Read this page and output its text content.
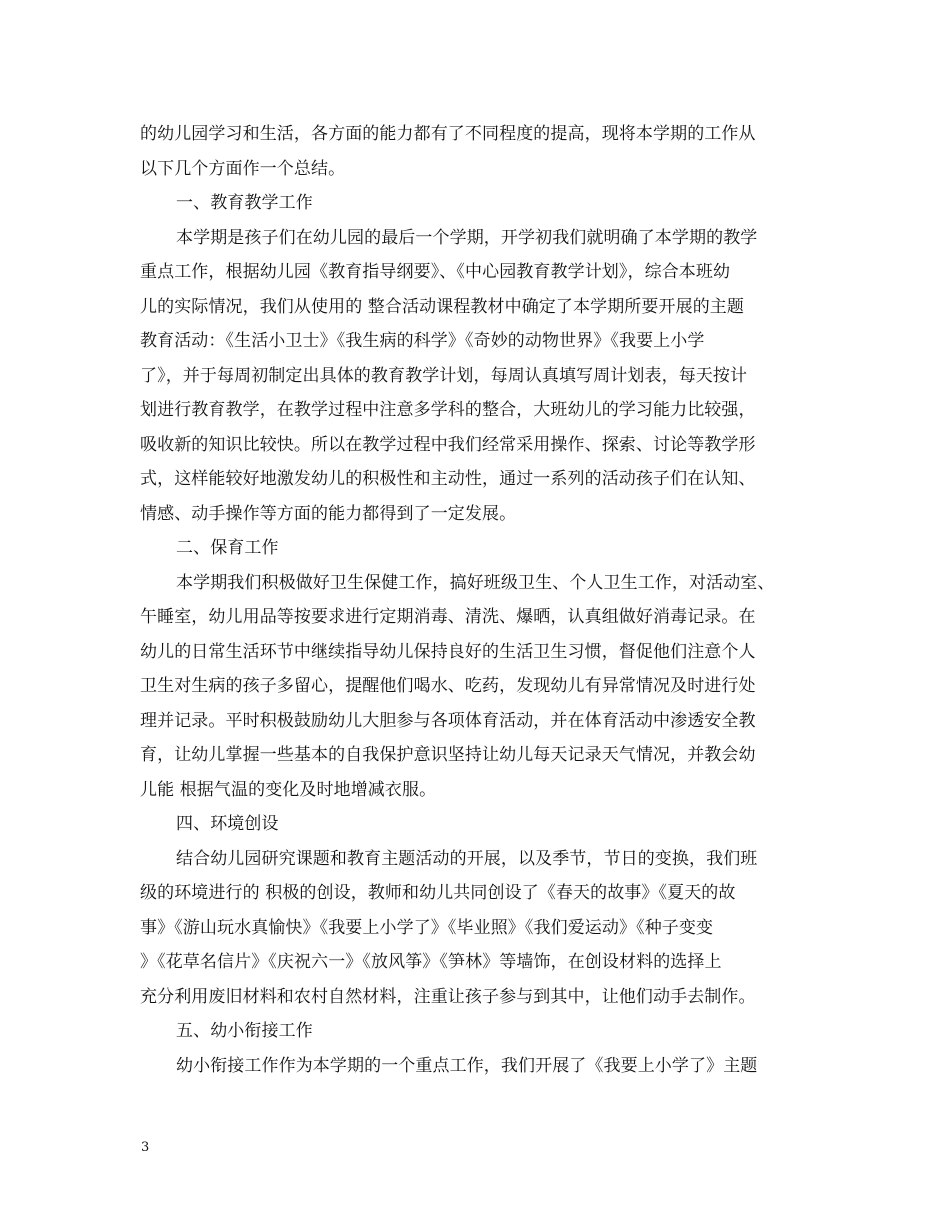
的幼儿园学习和生活，各方面的能力都有了不同程度的提高，现将本学期的工作从
以下几个方面作一个总结。
一、教育教学工作
本学期是孩子们在幼儿园的最后一个学期，开学初我们就明确了本学期的教学
重点工作，根据幼儿园《教育指导纲要》、《中心园教育教学计划》，综合本班幼
儿的实际情况，我们从使用的 整合活动课程教材中确定了本学期所要开展的主题
教育活动：《生活小卫士》《我生病的科学》《奇妙的动物世界》《我要上小学
了》，并于每周初制定出具体的教育教学计划，每周认真填写周计划表，每天按计
划进行教育教学，在教学过程中注意多学科的整合，大班幼儿的学习能力比较强，
吸收新的知识比较快。所以在教学过程中我们经常采用操作、探索、讨论等教学形
式，这样能较好地激发幼儿的积极性和主动性，通过一系列的活动孩子们在认知、
情感、动手操作等方面的能力都得到了一定发展。
二、保育工作
本学期我们积极做好卫生保健工作，搞好班级卫生、个人卫生工作，对活动室、
午睡室，幼儿用品等按要求进行定期消毒、清洗、爆晒，认真组做好消毒记录。在
幼儿的日常生活环节中继续指导幼儿保持良好的生活卫生习惯，督促他们注意个人
卫生对生病的孩子多留心，提醒他们喝水、吃药，发现幼儿有异常情况及时进行处
理并记录。平时积极鼓励幼儿大胆参与各项体育活动，并在体育活动中渗透安全教
育，让幼儿掌握一些基本的自我保护意识坚持让幼儿每天记录天气情况，并教会幼
儿能 根据气温的变化及时地增减衣服。
四、环境创设
结合幼儿园研究课题和教育主题活动的开展，以及季节，节日的变换，我们班
级的环境进行的 积极的创设，教师和幼儿共同创设了《春天的故事》《夏天的故
事》《游山玩水真愉快》《我要上小学了》《毕业照》《我们爱运动》《种子变变
》《花草名信片》《庆祝六一》《放风筝》《笋林》等墙饰，在创设材料的选择上
充分利用废旧材料和农村自然材料，注重让孩子参与到其中，让他们动手去制作。
五、幼小衔接工作
幼小衔接工作作为本学期的一个重点工作，我们开展了《我要上小学了》主题
3
